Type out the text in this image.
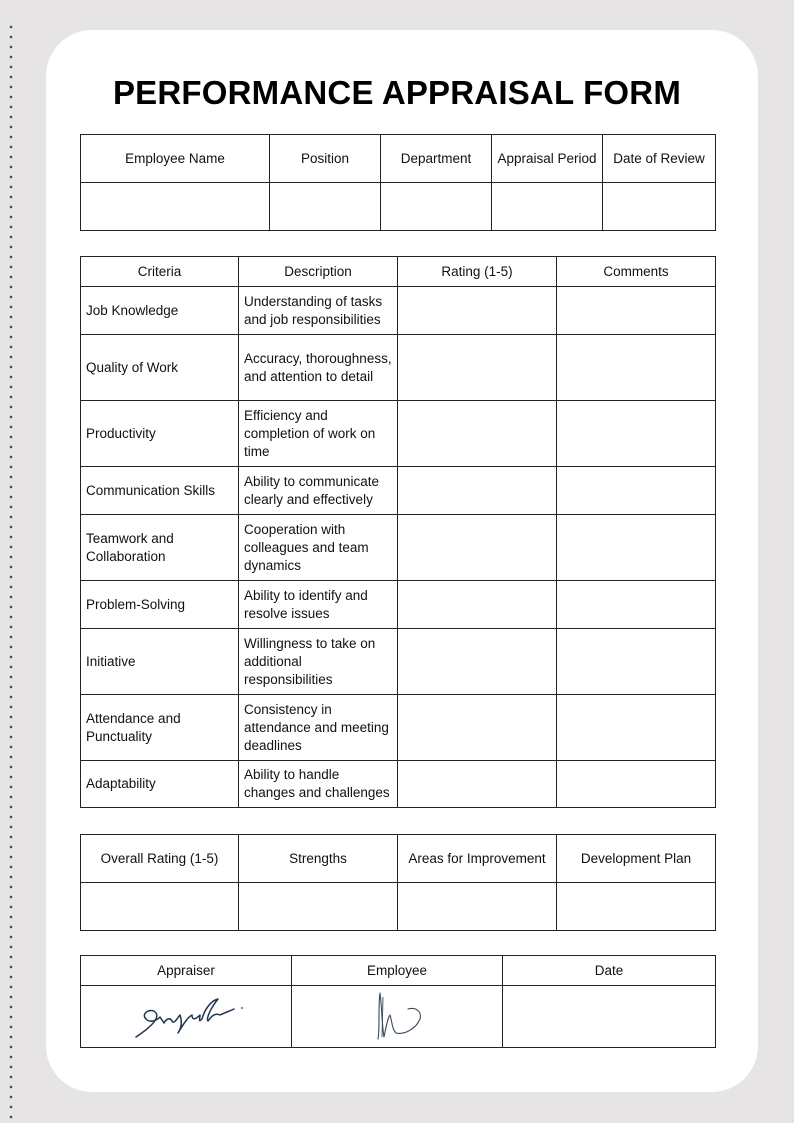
PERFORMANCE APPRAISAL FORM
Employee Name	Position	Department	Appraisal Period	Date of Review

Criteria	Description	Rating (1-5)	Comments
Job Knowledge	Understanding of tasks and job responsibilities		
Quality of Work	Accuracy, thoroughness, and attention to detail		
Productivity	Efficiency and completion of work on time		
Communication Skills	Ability to communicate clearly and effectively		
Teamwork and Collaboration	Cooperation with colleagues and team dynamics		
Problem-Solving	Ability to identify and resolve issues		
Initiative	Willingness to take on additional responsibilities		
Attendance and Punctuality	Consistency in attendance and meeting deadlines		
Adaptability	Ability to handle changes and challenges		
Overall Rating (1-5)	Strengths	Areas for Improvement	Development Plan

Appraiser	Employee	Date
